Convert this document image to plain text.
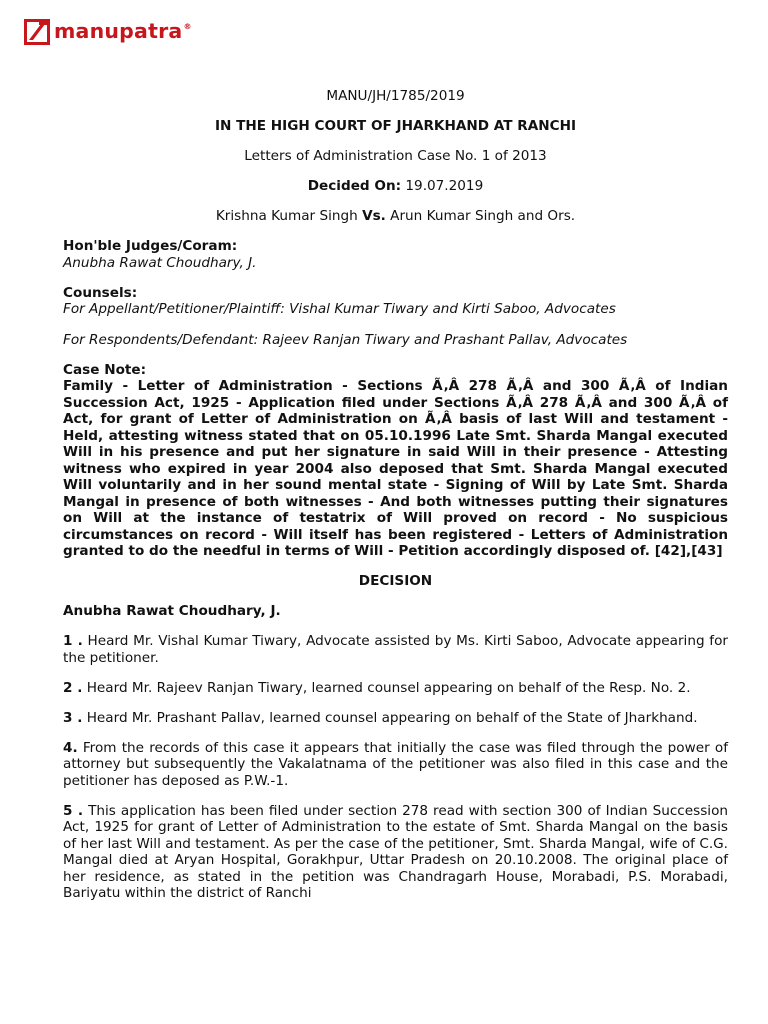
manupatra®

MANU/JH/1785/2019

IN THE HIGH COURT OF JHARKHAND AT RANCHI

Letters of Administration Case No. 1 of 2013

Decided On: 19.07.2019

Krishna Kumar Singh Vs. Arun Kumar Singh and Ors.

Hon'ble Judges/Coram:

Anubha Rawat Choudhary, J.

Counsels:

For Appellant/Petitioner/Plaintiff: Vishal Kumar Tiwary and Kirti Saboo, Advocates

For Respondents/Defendant: Rajeev Ranjan Tiwary and Prashant Pallav, Advocates

Case Note:

Family - Letter of Administration - Sections Ã‚Â 278 Ã‚Â and 300 Ã‚Â of Indian Succession Act, 1925 - Application filed under Sections Ã‚Â 278 Ã‚Â and 300 Ã‚Â of Act, for grant of Letter of Administration on Ã‚Â basis of last Will and testament - Held, attesting witness stated that on 05.10.1996 Late Smt. Sharda Mangal executed Will in his presence and put her signature in said Will in their presence - Attesting witness who expired in year 2004 also deposed that Smt. Sharda Mangal executed Will voluntarily and in her sound mental state - Signing of Will by Late Smt. Sharda Mangal in presence of both witnesses - And both witnesses putting their signatures on Will at the instance of testatrix of Will proved on record - No suspicious circumstances on record - Will itself has been registered - Letters of Administration granted to do the needful in terms of Will - Petition accordingly disposed of. [42],[43]

DECISION

Anubha Rawat Choudhary, J.

1 . Heard Mr. Vishal Kumar Tiwary, Advocate assisted by Ms. Kirti Saboo, Advocate appearing for the petitioner.

2 . Heard Mr. Rajeev Ranjan Tiwary, learned counsel appearing on behalf of the Resp. No. 2.

3 . Heard Mr. Prashant Pallav, learned counsel appearing on behalf of the State of Jharkhand.

4. From the records of this case it appears that initially the case was filed through the power of attorney but subsequently the Vakalatnama of the petitioner was also filed in this case and the petitioner has deposed as P.W.-1.

5 . This application has been filed under section 278 read with section 300 of Indian Succession Act, 1925 for grant of Letter of Administration to the estate of Smt. Sharda Mangal on the basis of her last Will and testament. As per the case of the petitioner, Smt. Sharda Mangal, wife of C.G. Mangal died at Aryan Hospital, Gorakhpur, Uttar Pradesh on 20.10.2008. The original place of her residence, as stated in the petition was Chandragarh House, Morabadi, P.S. Morabadi, Bariyatu within the district of Ranchi
